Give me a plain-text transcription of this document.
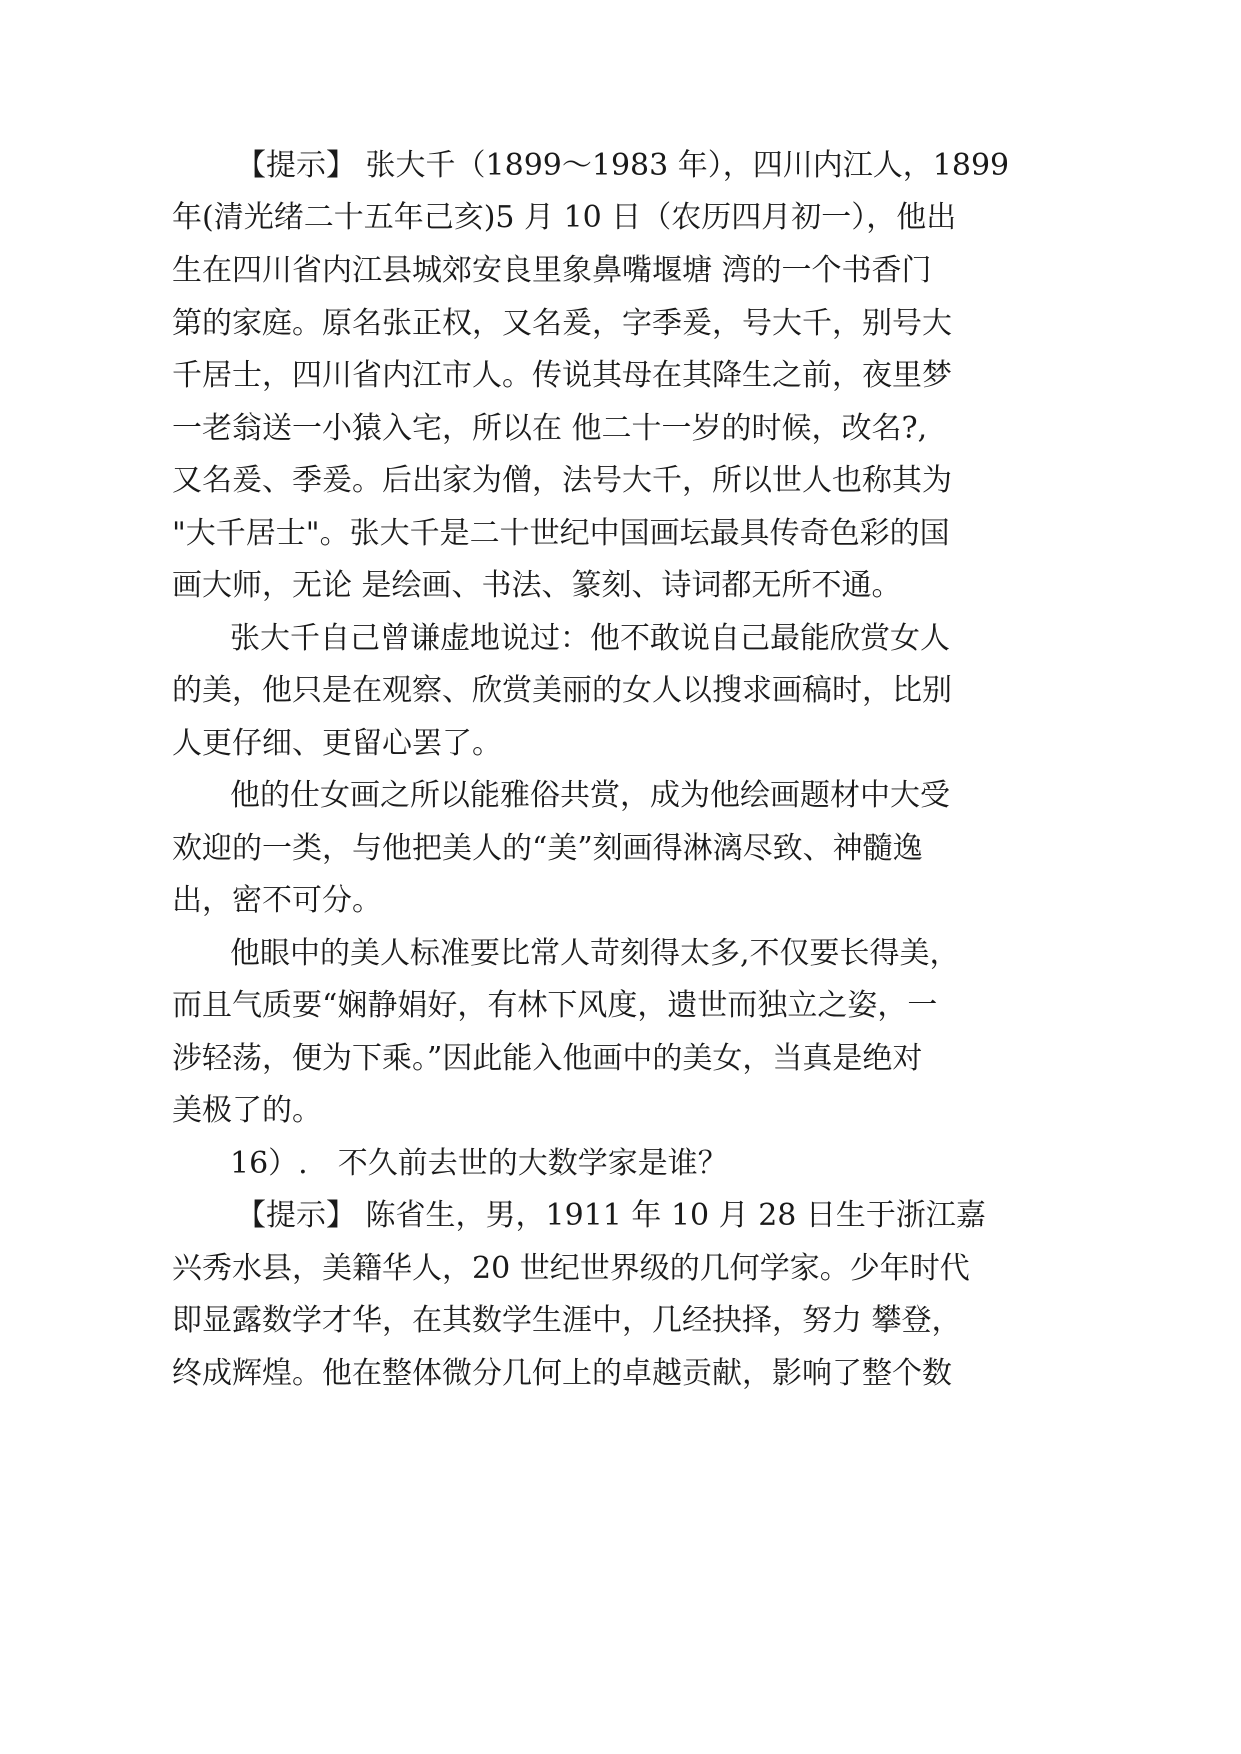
【提示】 张大千（1899～1983 年），四川内江人，1899
年(清光绪二十五年己亥)5 月 10 日（农历四月初一），他出
生在四川省内江县城郊安良里象鼻嘴堰塘 湾的一个书香门
第的家庭。原名张正权，又名爰，字季爰，号大千，别号大
千居士，四川省内江市人。传说其母在其降生之前，夜里梦
一老翁送一小猿入宅，所以在 他二十一岁的时候，改名?,
又名爰、季爰。后出家为僧，法号大千，所以世人也称其为
"大千居士"。张大千是二十世纪中国画坛最具传奇色彩的国
画大师，无论 是绘画、书法、篆刻、诗词都无所不通。
张大千自己曾谦虚地说过：他不敢说自己最能欣赏女人
的美，他只是在观察、欣赏美丽的女人以搜求画稿时，比别
人更仔细、更留心罢了。
他的仕女画之所以能雅俗共赏，成为他绘画题材中大受
欢迎的一类，与他把美人的“美”刻画得淋漓尽致、神髓逸
出，密不可分。
他眼中的美人标准要比常人苛刻得太多,不仅要长得美，
而且气质要“娴静娟好，有林下风度，遗世而独立之姿，一
涉轻荡，便为下乘。”因此能入他画中的美女，当真是绝对
美极了的。
16）.　不久前去世的大数学家是谁？
【提示】 陈省生，男，1911 年 10 月 28 日生于浙江嘉
兴秀水县，美籍华人，20 世纪世界级的几何学家。少年时代
即显露数学才华，在其数学生涯中，几经抉择，努力 攀登，
终成辉煌。他在整体微分几何上的卓越贡献，影响了整个数
